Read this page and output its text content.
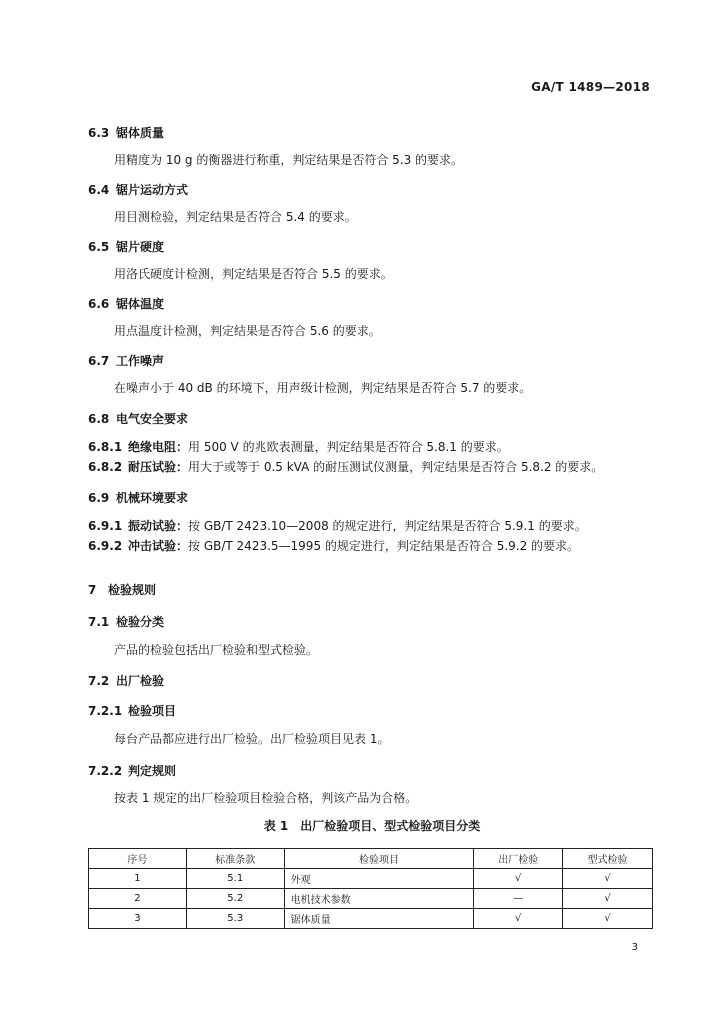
GA/T 1489—2018
6.3 锯体质量
用精度为 10 g 的衡器进行称重，判定结果是否符合 5.3 的要求。
6.4 锯片运动方式
用目测检验，判定结果是否符合 5.4 的要求。
6.5 锯片硬度
用洛氏硬度计检测，判定结果是否符合 5.5 的要求。
6.6 锯体温度
用点温度计检测，判定结果是否符合 5.6 的要求。
6.7 工作噪声
在噪声小于 40 dB 的环境下，用声级计检测，判定结果是否符合 5.7 的要求。
6.8 电气安全要求
6.8.1 绝缘电阻：用 500 V 的兆欧表测量，判定结果是否符合 5.8.1 的要求。
6.8.2 耐压试验：用大于或等于 0.5 kVA 的耐压测试仪测量，判定结果是否符合 5.8.2 的要求。
6.9 机械环境要求
6.9.1 振动试验：按 GB/T 2423.10—2008 的规定进行，判定结果是否符合 5.9.1 的要求。
6.9.2 冲击试验：按 GB/T 2423.5—1995 的规定进行，判定结果是否符合 5.9.2 的要求。
7 检验规则
7.1 检验分类
产品的检验包括出厂检验和型式检验。
7.2 出厂检验
7.2.1 检验项目
每台产品都应进行出厂检验。出厂检验项目见表 1。
7.2.2 判定规则
按表 1 规定的出厂检验项目检验合格，判该产品为合格。
表 1 出厂检验项目、型式检验项目分类
序号	标准条款	检验项目	出厂检验	型式检验
1	5.1	外观	√	√
2	5.2	电机技术参数	—	√
3	5.3	锯体质量	√	√
3
